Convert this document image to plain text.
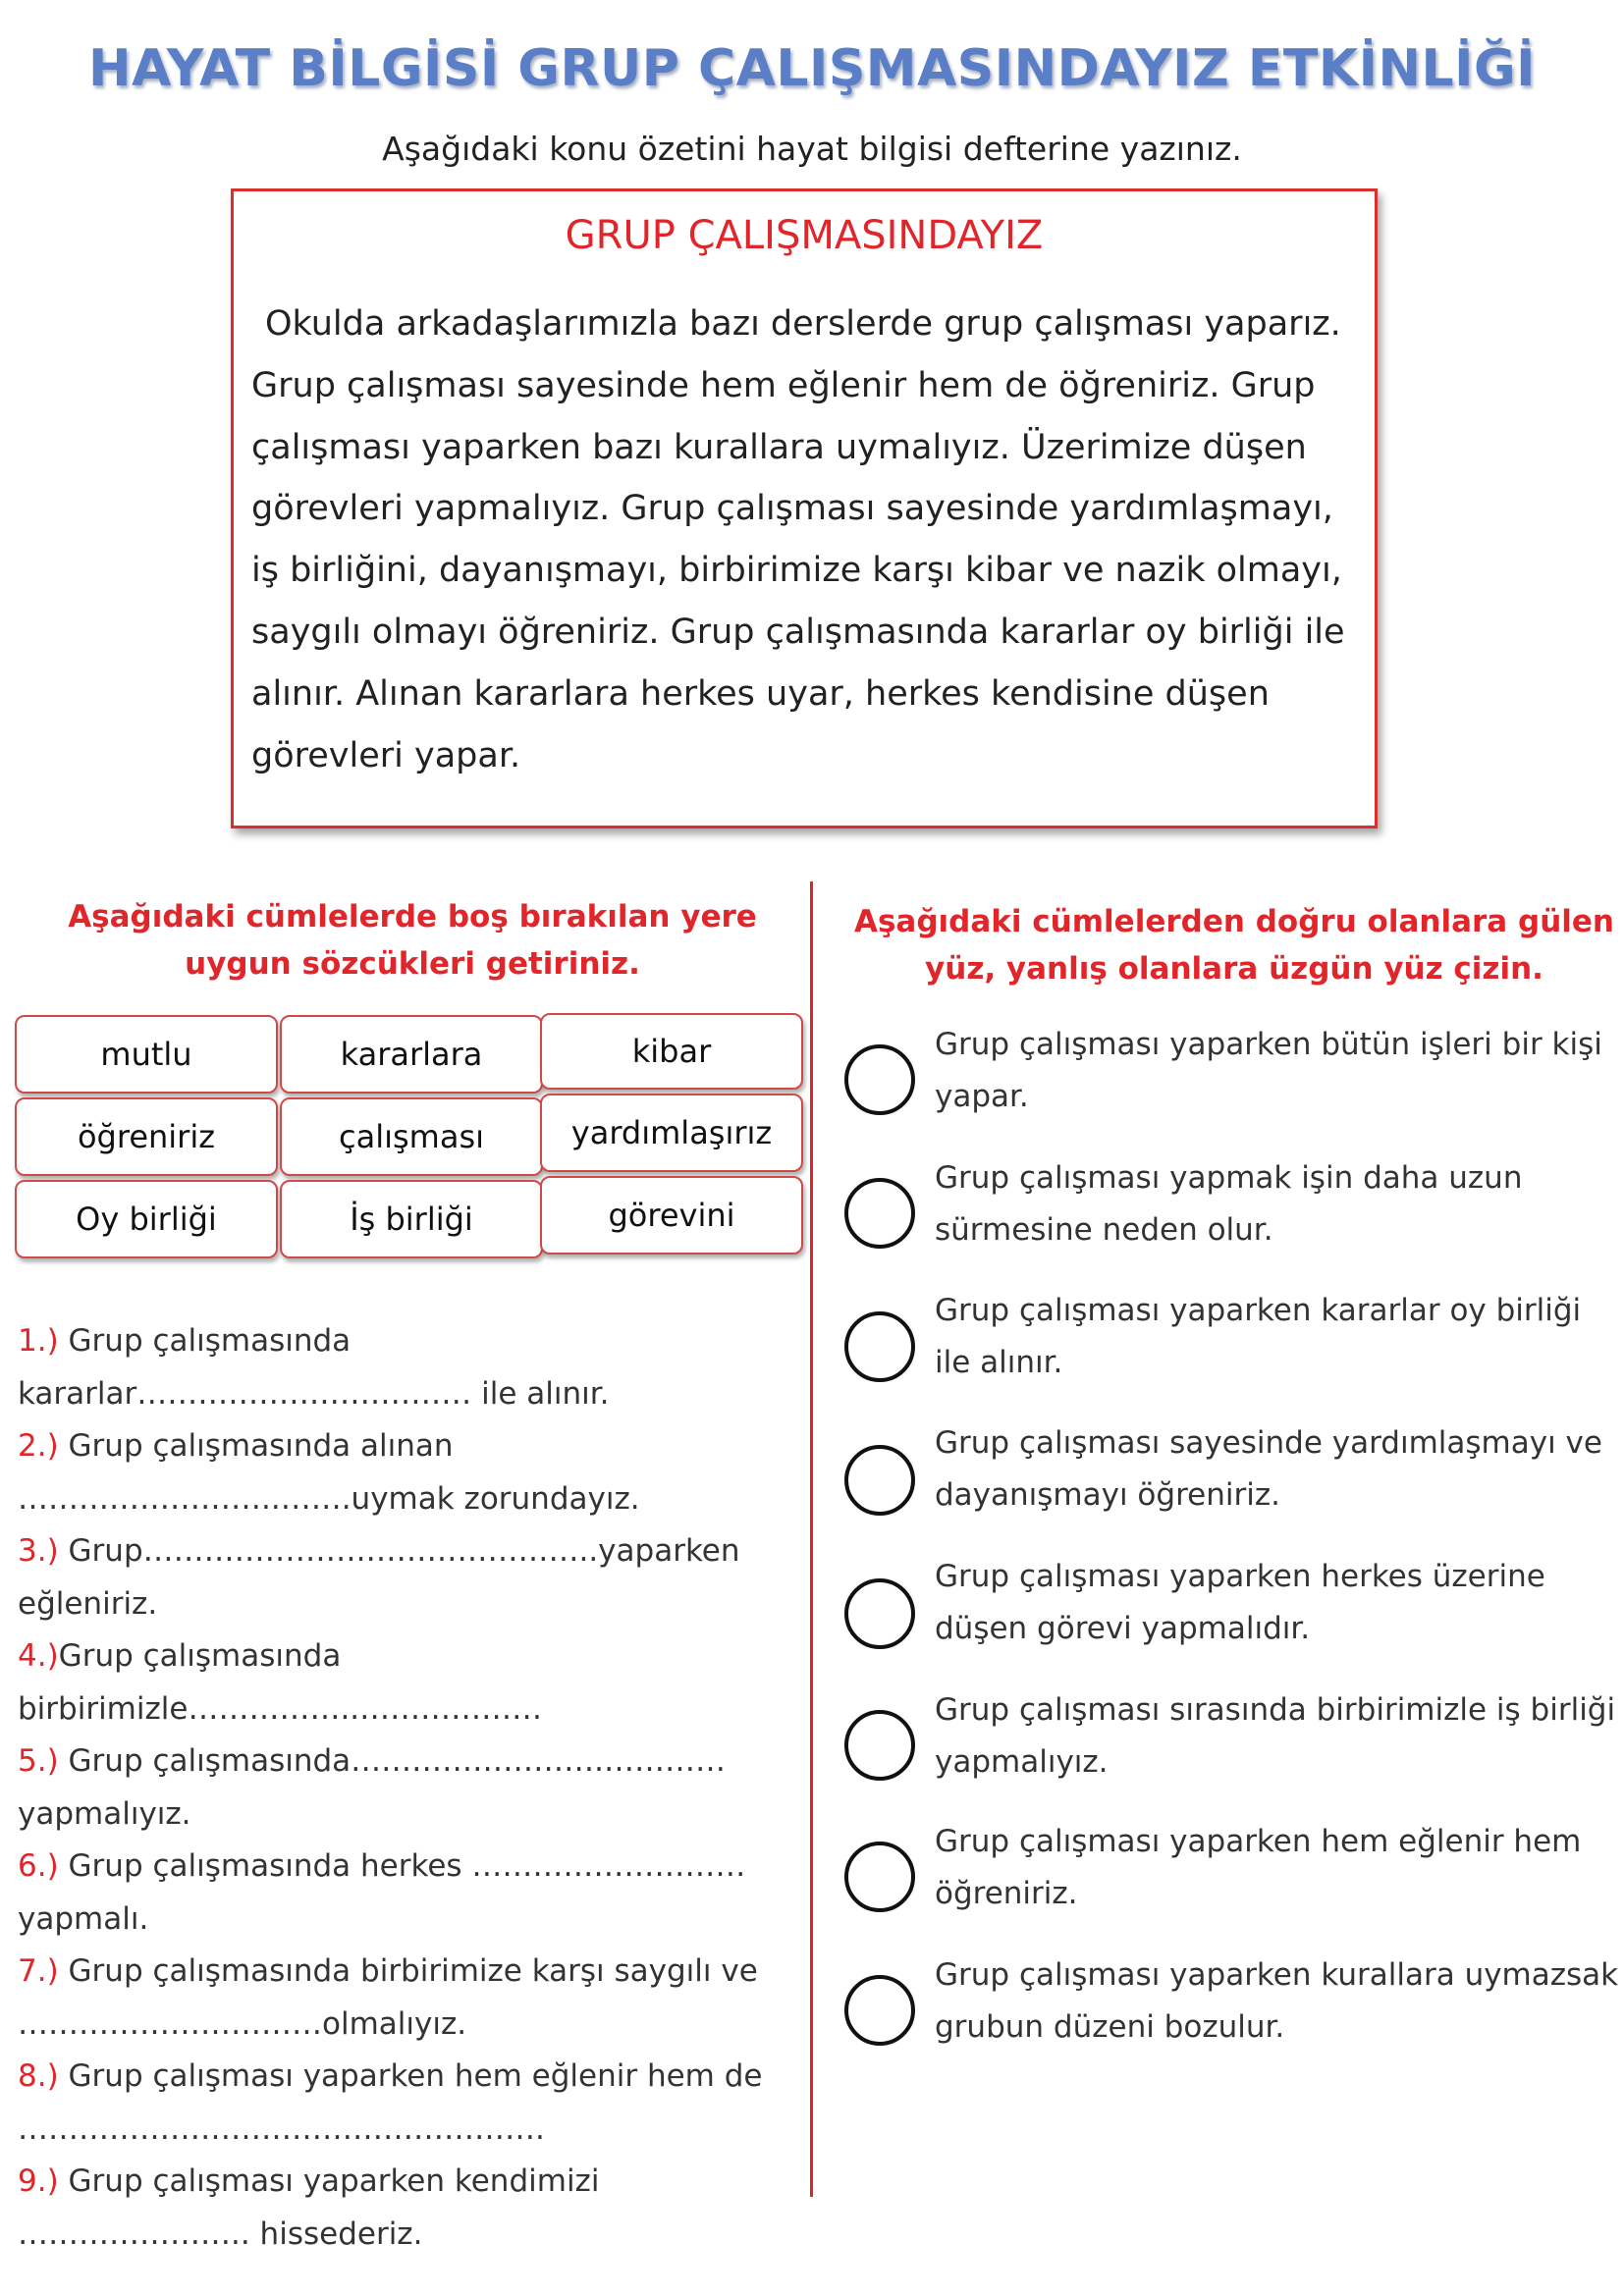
HAYAT BİLGİSİ GRUP ÇALIŞMASINDAYIZ ETKİNLİĞİ
Aşağıdaki konu özetini hayat bilgisi defterine yazınız.
GRUP ÇALIŞMASINDAYIZ
Okulda arkadaşlarımızla bazı derslerde grup çalışması yaparız. Grup çalışması sayesinde hem eğlenir hem de öğreniriz. Grup çalışması yaparken bazı kurallara uymalıyız. Üzerimize düşen görevleri yapmalıyız. Grup çalışması sayesinde yardımlaşmayı, iş birliğini, dayanışmayı, birbirimize karşı kibar ve nazik olmayı, saygılı olmayı öğreniriz. Grup çalışmasında kararlar oy birliği ile alınır. Alınan kararlara herkes uyar, herkes kendisine düşen görevleri yapar.
Aşağıdaki cümlelerde boş bırakılan yere uygun sözcükleri getiriniz.
Aşağıdaki cümlelerden doğru olanlara gülen yüz, yanlış olanlara üzgün yüz çizin.
mutlu	kararlara	kibar
öğreniriz	çalışması	yardımlaşırız
Oy birliği	İş birliği	görevini

1.) Grup çalışmasında kararlar…………………………… ile alınır.

2.) Grup çalışmasında alınan ……………………..…….uymak zorundayız.

3.) Grup………………….…………………..yaparken eğleniriz.

4.)Grup çalışmasında birbirimizle……………..………………

5.) Grup çalışmasında…………………….…………yapmalıyız.

6.) Grup çalışmasında herkes ………………………yapmalı.

7.) Grup çalışmasında birbirimize karşı saygılı ve …………………………olmalıyız.

8.) Grup çalışması yaparken hem eğlenir hem de …………………………………………….

9.) Grup çalışması yaparken kendimizi ………………….. hissederiz.

Grup çalışması yaparken bütün işleri bir kişi yapar.
Grup çalışması yapmak işin daha uzun sürmesine neden olur.
Grup çalışması yaparken kararlar oy birliği ile alınır.
Grup çalışması sayesinde yardımlaşmayı ve dayanışmayı öğreniriz.
Grup çalışması yaparken herkes üzerine düşen görevi yapmalıdır.
Grup çalışması sırasında birbirimizle iş birliği yapmalıyız.
Grup çalışması yaparken hem eğlenir hem öğreniriz.
Grup çalışması yaparken kurallara uymazsak grubun düzeni bozulur.
